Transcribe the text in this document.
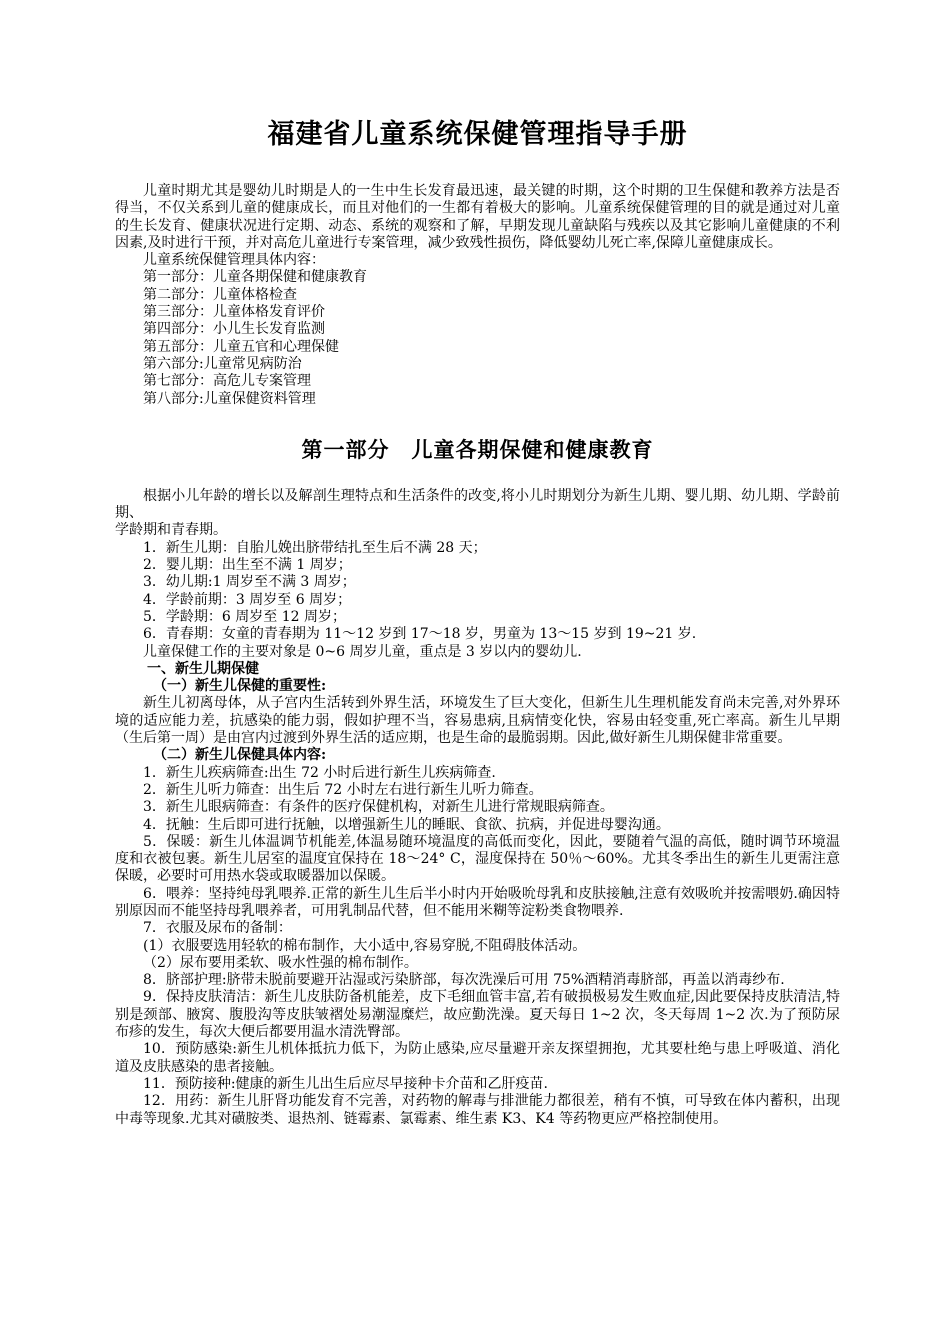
福建省儿童系统保健管理指导手册

儿童时期尤其是婴幼儿时期是人的一生中生长发育最迅速，最关键的时期，这个时期的卫生保健和教养方法是否得当，不仅关系到儿童的健康成长，而且对他们的一生都有着极大的影响。儿童系统保健管理的目的就是通过对儿童的生长发育、健康状况进行定期、动态、系统的观察和了解，早期发现儿童缺陷与残疾以及其它影响儿童健康的不利因素,及时进行干预，并对高危儿童进行专案管理，减少致残性损伤，降低婴幼儿死亡率,保障儿童健康成长。

儿童系统保健管理具体内容：

第一部分：儿童各期保健和健康教育

第二部分：儿童体格检查

第三部分：儿童体格发育评价

第四部分：小儿生长发育监测

第五部分：儿童五官和心理保健

第六部分:儿童常见病防治

第七部分：高危儿专案管理

第八部分:儿童保健资料管理

第一部分　儿童各期保健和健康教育

根据小儿年龄的增长以及解剖生理特点和生活条件的改变,将小儿时期划分为新生儿期、婴儿期、幼儿期、学龄前期、

学龄期和青春期。

1．新生儿期：自胎儿娩出脐带结扎至生后不满 28 天；

2．婴儿期：出生至不满 1 周岁；

3．幼儿期:1 周岁至不满 3 周岁；

4．学龄前期：3 周岁至 6 周岁；

5．学龄期：6 周岁至 12 周岁；

6．青春期：女童的青春期为 11～12 岁到 17～18 岁，男童为 13～15 岁到 19~21 岁.

儿童保健工作的主要对象是 0~6 周岁儿童，重点是 3 岁以内的婴幼儿.

一、新生儿期保健

（一）新生儿保健的重要性:

新生儿初离母体，从子宫内生活转到外界生活，环境发生了巨大变化，但新生儿生理机能发育尚未完善,对外界环境的适应能力差，抗感染的能力弱，假如护理不当，容易患病,且病情变化快，容易由轻变重,死亡率高。新生儿早期（生后第一周）是由宫内过渡到外界生活的适应期，也是生命的最脆弱期。因此,做好新生儿期保健非常重要。

（二）新生儿保健具体内容:

1．新生儿疾病筛查:出生 72 小时后进行新生儿疾病筛查.

2．新生儿听力筛查：出生后 72 小时左右进行新生儿听力筛查。

3．新生儿眼病筛查：有条件的医疗保健机构，对新生儿进行常规眼病筛查。

4．抚触：生后即可进行抚触，以增强新生儿的睡眠、食欲、抗病，并促进母婴沟通。

5．保暖：新生儿体温调节机能差,体温易随环境温度的高低而变化，因此，要随着气温的高低，随时调节环境温度和衣被包裹。新生儿居室的温度宜保持在 18～24° C，湿度保持在 50％～60%。尤其冬季出生的新生儿更需注意保暖，必要时可用热水袋或取暖器加以保暖。

6．喂养：坚持纯母乳喂养.正常的新生儿生后半小时内开始吸吮母乳和皮肤接触,注意有效吸吮并按需喂奶.确因特别原因而不能坚持母乳喂养者，可用乳制品代替，但不能用米糊等淀粉类食物喂养.

7．衣服及尿布的备制：

(1）衣服要选用轻软的棉布制作，大小适中,容易穿脱,不阻碍肢体活动。

（2）尿布要用柔软、吸水性强的棉布制作。

8．脐部护理:脐带未脱前要避开沾湿或污染脐部，每次洗澡后可用 75%酒精消毒脐部，再盖以消毒纱布.

9．保持皮肤清洁：新生儿皮肤防备机能差，皮下毛细血管丰富,若有破损极易发生败血症,因此要保持皮肤清洁,特别是颈部、腋窝、腹股沟等皮肤皱褶处易潮湿糜烂，故应勤洗澡。夏天每日 1~2 次，冬天每周 1~2 次.为了预防尿布疹的发生，每次大便后都要用温水清洗臀部。

10．预防感染:新生儿机体抵抗力低下，为防止感染,应尽量避开亲友探望拥抱，尤其要杜绝与患上呼吸道、消化道及皮肤感染的患者接触。

11．预防接种:健康的新生儿出生后应尽早接种卡介苗和乙肝疫苗.

12．用药：新生儿肝肾功能发育不完善，对药物的解毒与排泄能力都很差，稍有不慎，可导致在体内蓄积，出现中毒等现象.尤其对磺胺类、退热剂、链霉素、氯霉素、维生素 K3、K4 等药物更应严格控制使用。
